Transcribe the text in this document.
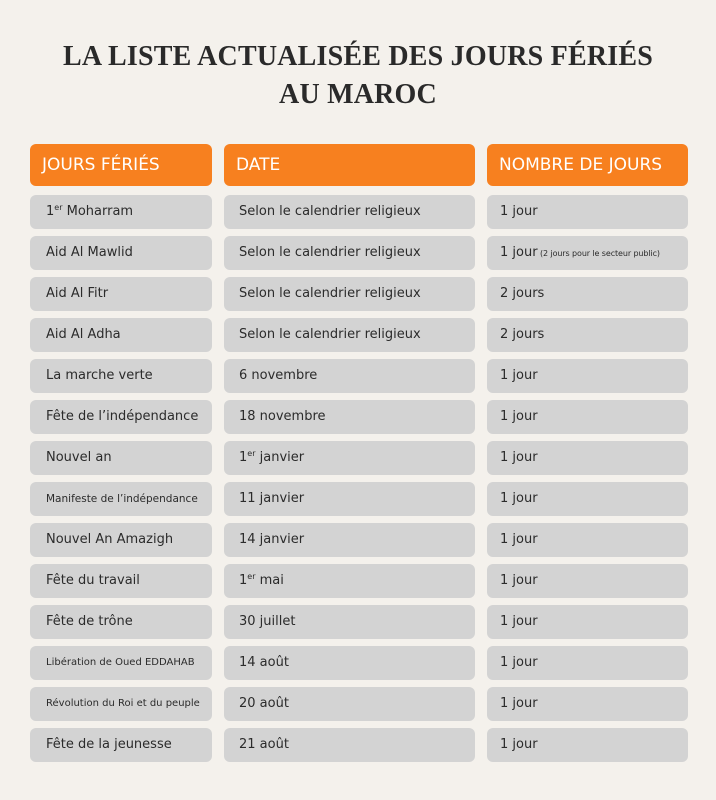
LA LISTE ACTUALISÉE DES JOURS FÉRIÉS
AU MAROC
JOURS FÉRIÉS	DATE	NOMBRE DE JOURS
1er Moharram	Selon le calendrier religieux	1 jour
Aid Al Mawlid	Selon le calendrier religieux	1 jour (2 jours pour le secteur public)
Aid Al Fitr	Selon le calendrier religieux	2 jours
Aid Al Adha	Selon le calendrier religieux	2 jours
La marche verte	6 novembre	1 jour
Fête de l’indépendance	18 novembre	1 jour
Nouvel an	1er janvier	1 jour
Manifeste de l’indépendance	11 janvier	1 jour
Nouvel An Amazigh	14 janvier	1 jour
Fête du travail	1er mai	1 jour
Fête de trône	30 juillet	1 jour
Libération de Oued EDDAHAB	14 août	1 jour
Révolution du Roi et du peuple	20 août	1 jour
Fête de la jeunesse	21 août	1 jour
